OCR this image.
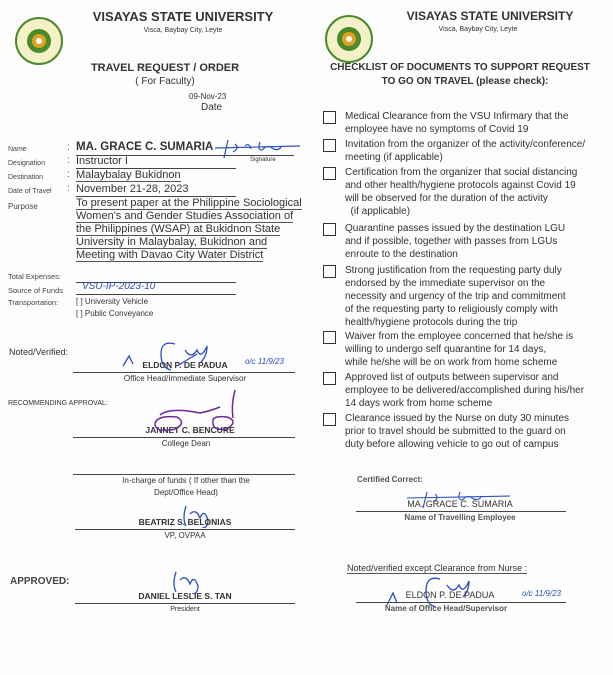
VISAYAS STATE UNIVERSITY
Visca, Baybay City, Leyte
TRAVEL REQUEST / ORDER
( For Faculty)
09-Nov-23
Date
Name	: MA. GRACE C. SUMARIA
Signature
Designation : Instructor I
Destination : Malaybalay Bukidnon
Date of Travel : November 21-28, 2023
Purpose	To present paper at the Philippine Sociological
Women's and Gender Studies Association of
the Philippines (WSAP) at Bukidnon State
University in Malaybalay, Bukidnon and
Meeting with Davao City Water District
Total Expenses:
Source of Funds VSU-IP-2023-10
Transportation: [ ] University Vehicle
[ ] Public Conveyance
Noted/Verified:
ELDON P. DE PADUA o/c 11/9/23
Office Head/Immediate Supervisor
RECOMMENDING APPROVAL:
JANNET C. BENCURE
College Dean
In-charge of funds ( If other than the
Dept/Office Head)
BEATRIZ S. BELONIAS
VP, OVPAA
APPROVED:
DANIEL LESLIE S. TAN
President
VISAYAS STATE UNIVERSITY
Visca, Baybay City, Leyte
CHECKLIST OF DOCUMENTS TO SUPPORT REQUEST
TO GO ON TRAVEL (please check):
Medical Clearance from the VSU Infirmary that the
employee have no symptoms of Covid 19
Invitation from the organizer of the activity/conference/
meeting (if applicable)
Certification from the organizer that social distancing
and other health/hygiene protocols against Covid 19
will be observed for the duration of the activity
(if applicable)
Quarantine passes issued by the destination LGU
and if possible, together with passes from LGUs
enroute to the destination
Strong justification from the requesting party duly
endorsed by the immediate supervisor on the
necessity and urgency of the trip and commitment
of the requesting party to religiously comply with
health/hygiene protocols during the trip
Waiver from the employee concerned that he/she is
willing to undergo self quarantine for 14 days,
while he/she will be on work from home scheme
Approved list of outputs between supervisor and
employee to be delivered/accomplished during his/her
14 days work from home scheme
Clearance issued by the Nurse on duty 30 minutes
prior to travel should be submitted to the guard on
duty before allowing vehicle to go out of campus
Certified Correct:
MA. GRACE C. SUMARIA
Name of Travelling Employee
Noted/verified except Clearance from Nurse :
ELDON P. DE PADUA	o/c 11/9/23
Name of Office Head/Supervisor
